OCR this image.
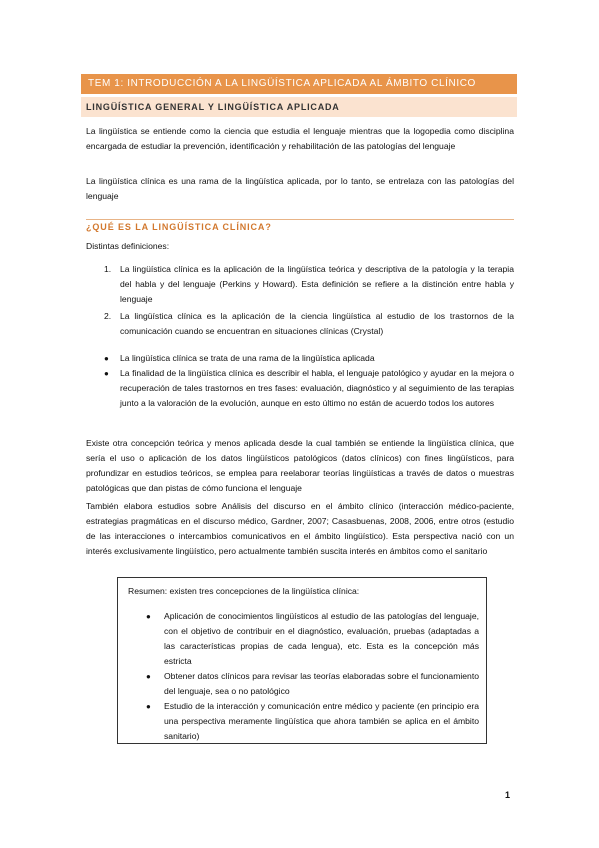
TEM 1: INTRODUCCIÓN A LA LINGÜÍSTICA APLICADA AL ÁMBITO CLÍNICO
LINGÜÍSTICA GENERAL Y LINGÜÍSTICA APLICADA

La lingüística se entiende como la ciencia que estudia el lenguaje mientras que la logopedia como disciplina encargada de estudiar la prevención, identificación y rehabilitación de las patologías del lenguaje

La lingüística clínica es una rama de la lingüística aplicada, por lo tanto, se entrelaza con las patologías del lenguaje

¿QUÉ ES LA LINGÜÍSTICA CLÍNICA?

Distintas definiciones:

1. La lingüística clínica es la aplicación de la lingüística teórica y descriptiva de la patología y la terapia del habla y del lenguaje (Perkins y Howard). Esta definición se refiere a la distinción entre habla y lenguaje
2. La lingüística clínica es la aplicación de la ciencia lingüística al estudio de los trastornos de la comunicación cuando se encuentran en situaciones clínicas (Crystal)
● La lingüística clínica se trata de una rama de la lingüística aplicada
● La finalidad de la lingüística clínica es describir el habla, el lenguaje patológico y ayudar en la mejora o recuperación de tales trastornos en tres fases: evaluación, diagnóstico y al seguimiento de las terapias junto a la valoración de la evolución, aunque en esto último no están de acuerdo todos los autores

Existe otra concepción teórica y menos aplicada desde la cual también se entiende la lingüística clínica, que sería el uso o aplicación de los datos lingüísticos patológicos (datos clínicos) con fines lingüísticos, para profundizar en estudios teóricos, se emplea para reelaborar teorías lingüísticas a través de datos o muestras patológicas que dan pistas de cómo funciona el lenguaje

También elabora estudios sobre Análisis del discurso en el ámbito clínico (interacción médico-paciente, estrategias pragmáticas en el discurso médico, Gardner, 2007; Casasbuenas, 2008, 2006, entre otros (estudio de las interacciones o intercambios comunicativos en el ámbito lingüístico). Esta perspectiva nació con un interés exclusivamente lingüístico, pero actualmente también suscita interés en ámbitos como el sanitario

Resumen: existen tres concepciones de la lingüística clínica:
● Aplicación de conocimientos lingüísticos al estudio de las patologías del lenguaje, con el objetivo de contribuir en el diagnóstico, evaluación, pruebas (adaptadas a las características propias de cada lengua), etc. Esta es la concepción más estricta
● Obtener datos clínicos para revisar las teorías elaboradas sobre el funcionamiento del lenguaje, sea o no patológico
● Estudio de la interacción y comunicación entre médico y paciente (en principio era una perspectiva meramente lingüística que ahora también se aplica en el ámbito sanitario)
1
